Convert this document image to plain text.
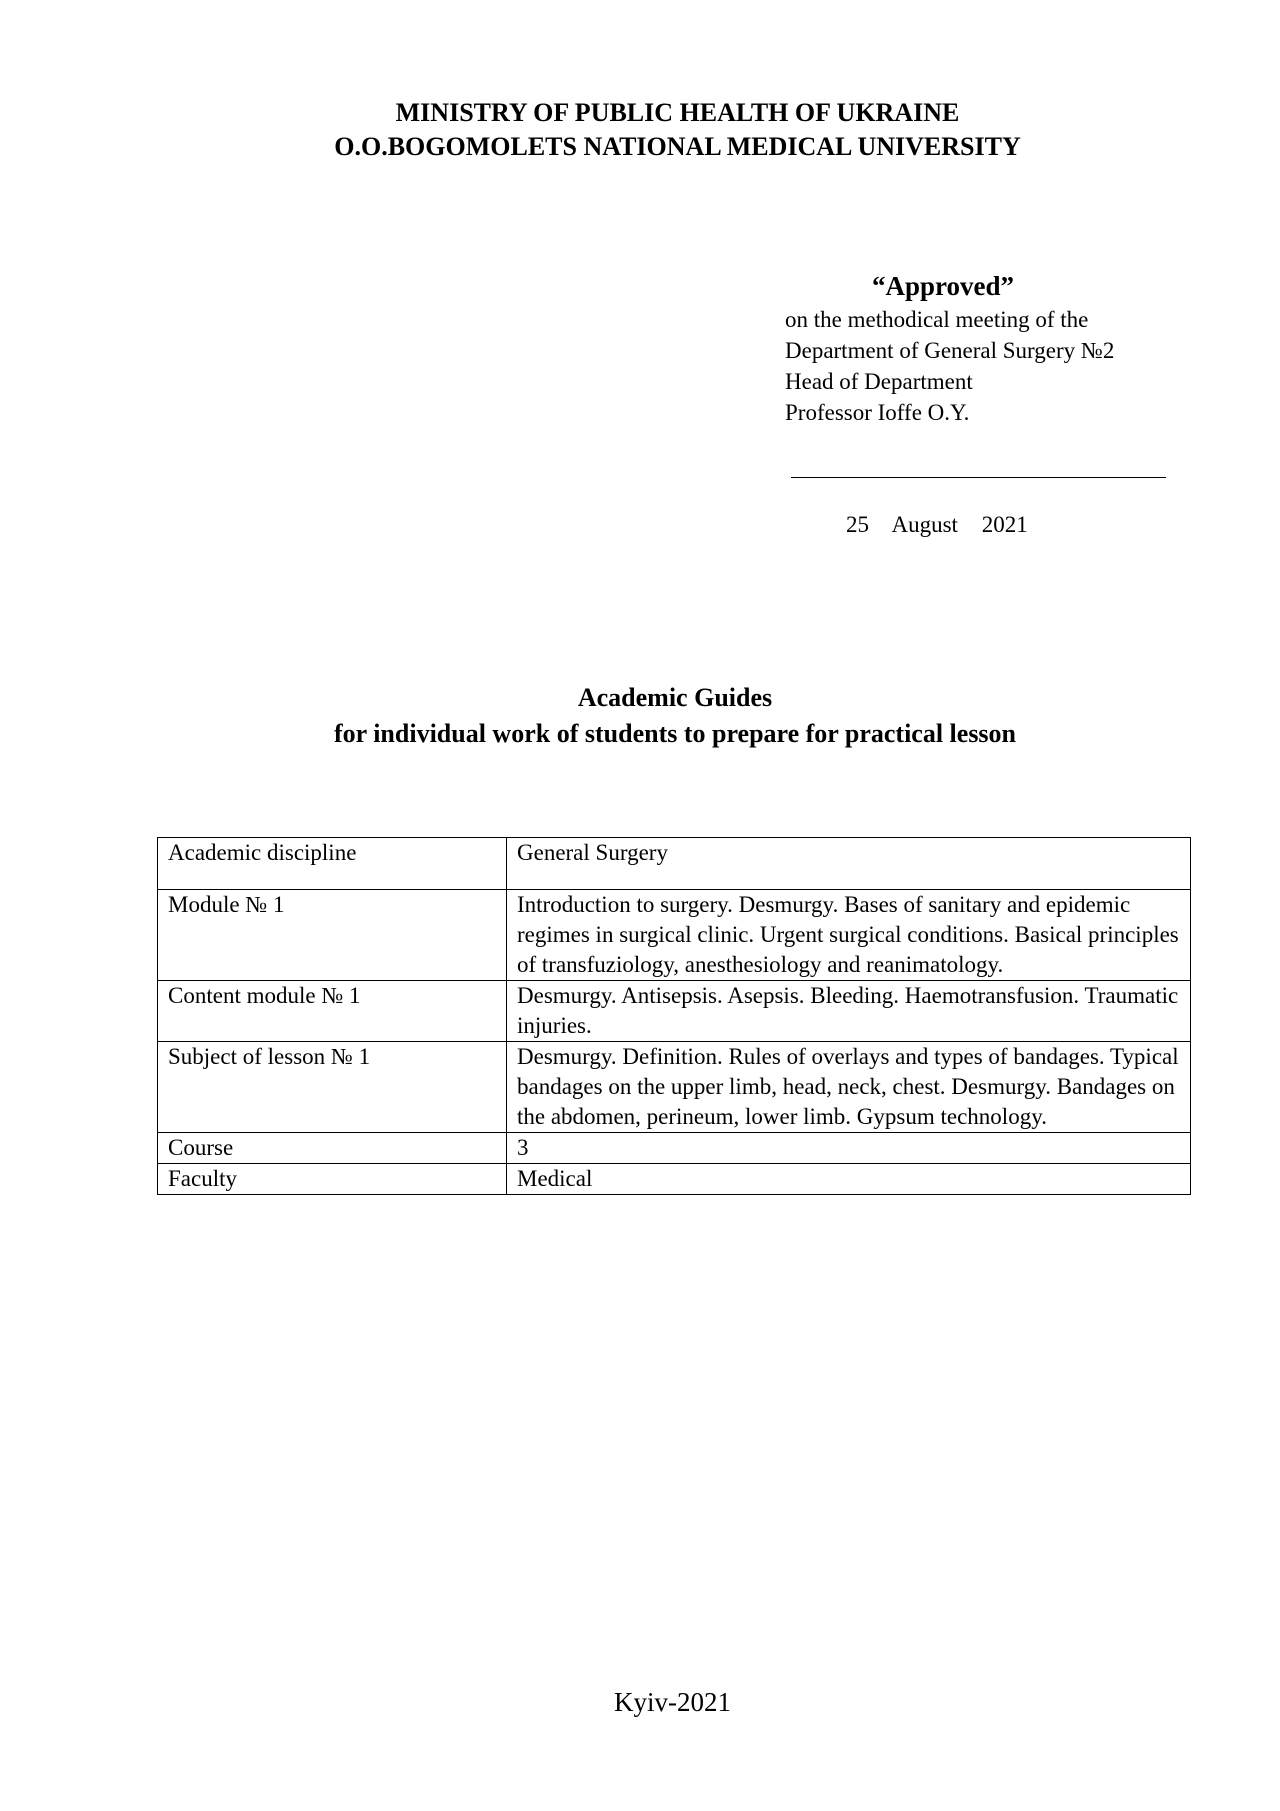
MINISTRY OF PUBLIC HEALTH OF UKRAINE
O.O.BOGOMOLETS NATIONAL MEDICAL UNIVERSITY
“Approved”
on the methodical meeting of the
Department of General Surgery №2
Head of Department
Professor Ioffe O.Y.
25 August 2021
Academic Guides
for individual work of students to prepare for practical lesson
Academic discipline	General Surgery
Module № 1	Introduction to surgery. Desmurgy. Bases of sanitary and epidemic regimes in surgical clinic. Urgent surgical conditions. Basical principles of transfuziology, anesthesiology and reanimatology.
Content module № 1	Desmurgy. Antisepsis. Asepsis. Bleeding. Haemotransfusion. Traumatic injuries.
Subject of lesson № 1	Desmurgy. Definition. Rules of overlays and types of bandages. Typical bandages on the upper limb, head, neck, chest. Desmurgy. Bandages on the abdomen, perineum, lower limb. Gypsum technology.
Course	3
Faculty	Medical
Kyiv-2021
